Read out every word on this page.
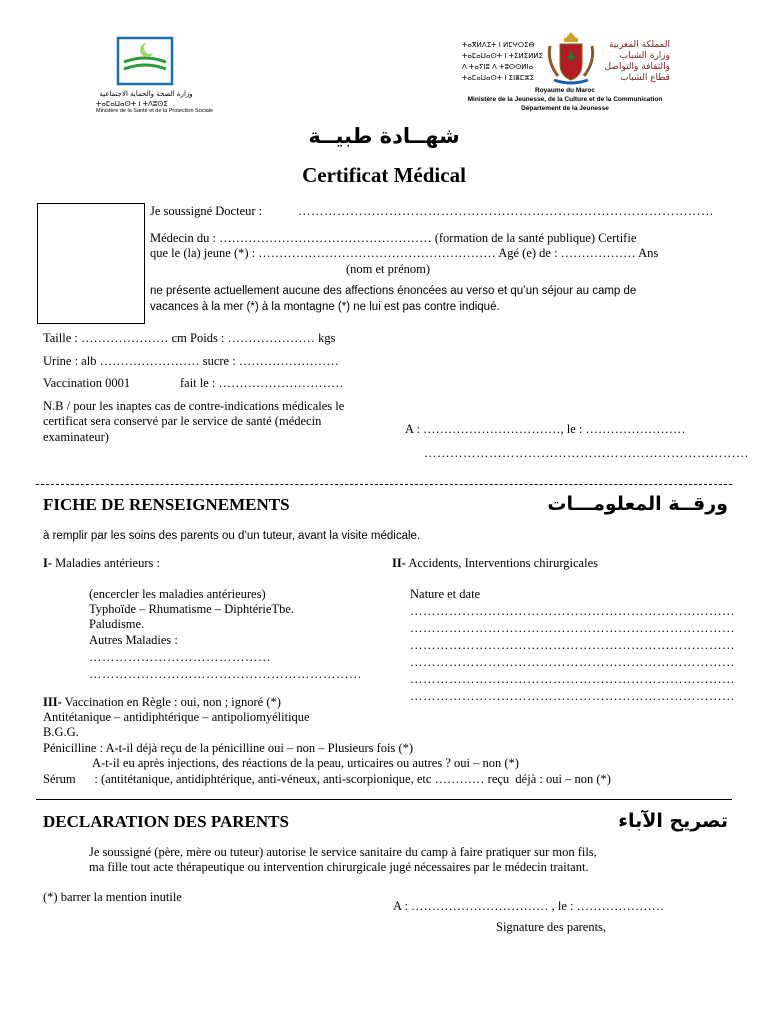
وزارة الصحة والحماية الاجتماعية
ⵜⴰⵎⴰⵡⴰⵙⵜ ⵏ ⵜⴷⵓⵙⵉ
Ministère de la Santé et de la Protection Sociale
ⵜⴰⴳⵍⴷⵉⵜ ⵏ ⵍⵎⵖⵔⵉⴱ
ⵜⴰⵎⴰⵡⴰⵙⵜ ⵏ ⵜⵉⵍⵉⵍⵍⵉ
ⴷ ⵜⴰⵢⵏⵓ ⴷ ⵜⵓⵙⵙⵍⵏⴰ
ⵜⴰⵎⴰⵡⴰⵙⵜ ⵏ ⵉⵏⴻⵎⵣⵉ
المملكة المغربية
وزارة الشباب
والثقافة والتواصل
قطاع الشباب
Royaume du Maroc
Ministère de la Jeunesse, de la Culture et de la Communication
Département de la Jeunesse
شهــادة طبيــة
Certificat Médical
Je soussigné Docteur :	……………………………………………………………………………………
Médecin du : …………………………………………… (formation de la santé publique) Certifie
que le (la) jeune (*) : ………………………………………………… Agé (e) de : ……………… Ans
(nom et prénom)
ne présente actuellement aucune des affections énoncées au verso et qu’un séjour au camp de
vacances à la mer (*) à la montagne (*) ne lui est pas contre indiqué.
Taille : ………………… cm Poids : ………………… kgs
Urine : alb …………………… sucre : ……………………
Vaccination 0001	fait le : …………………………
N.B / pour les inaptes cas de contre-indications médicales le
certificat sera conservé par le service de santé (médecin
examinateur)
A : ……………………………, le : ……………………
…………………………………………………………………
FICHE DE RENSEIGNEMENTS	ورقــة المعلومـــات
à remplir par les soins des parents ou d’un tuteur, avant la visite médicale.
I- Maladies antérieurs :	II- Accidents, Interventions chirurgicales
(encercler les maladies antérieures)
Typhoïde – Rhumatisme – DiphtérieTbe.
Paludisme.
Autres Maladies :
……………………………………
………………………………………………………
Nature et date
…………………………………………………………………
…………………………………………………………………
…………………………………………………………………
…………………………………………………………………
…………………………………………………………………
…………………………………………………………………
III- Vaccination en Règle : oui, non ; ignoré (*)
Antitétanique – antidiphtérique – antipoliomyélitique
B.G.G.
Pénicilline : A-t-il déjà reçu de la pénicilline oui – non – Plusieurs fois (*)
A-t-il eu après injections, des réactions de la peau, urticaires ou autres ? oui – non (*)
Sérum      : (antitétanique, antidiphtérique, anti-véneux, anti-scorpionique, etc ………… reçu  déjà : oui – non (*)
DECLARATION DES PARENTS	تصريح الآباء
Je soussigné (père, mère ou tuteur) autorise le service sanitaire du camp à faire pratiquer sur mon fils,
ma fille tout acte thérapeutique ou intervention chirurgicale jugé nécessaires par le médecin traitant.
(*) barrer la mention inutile
A : …………………………… , le : …………………
Signature des parents,
